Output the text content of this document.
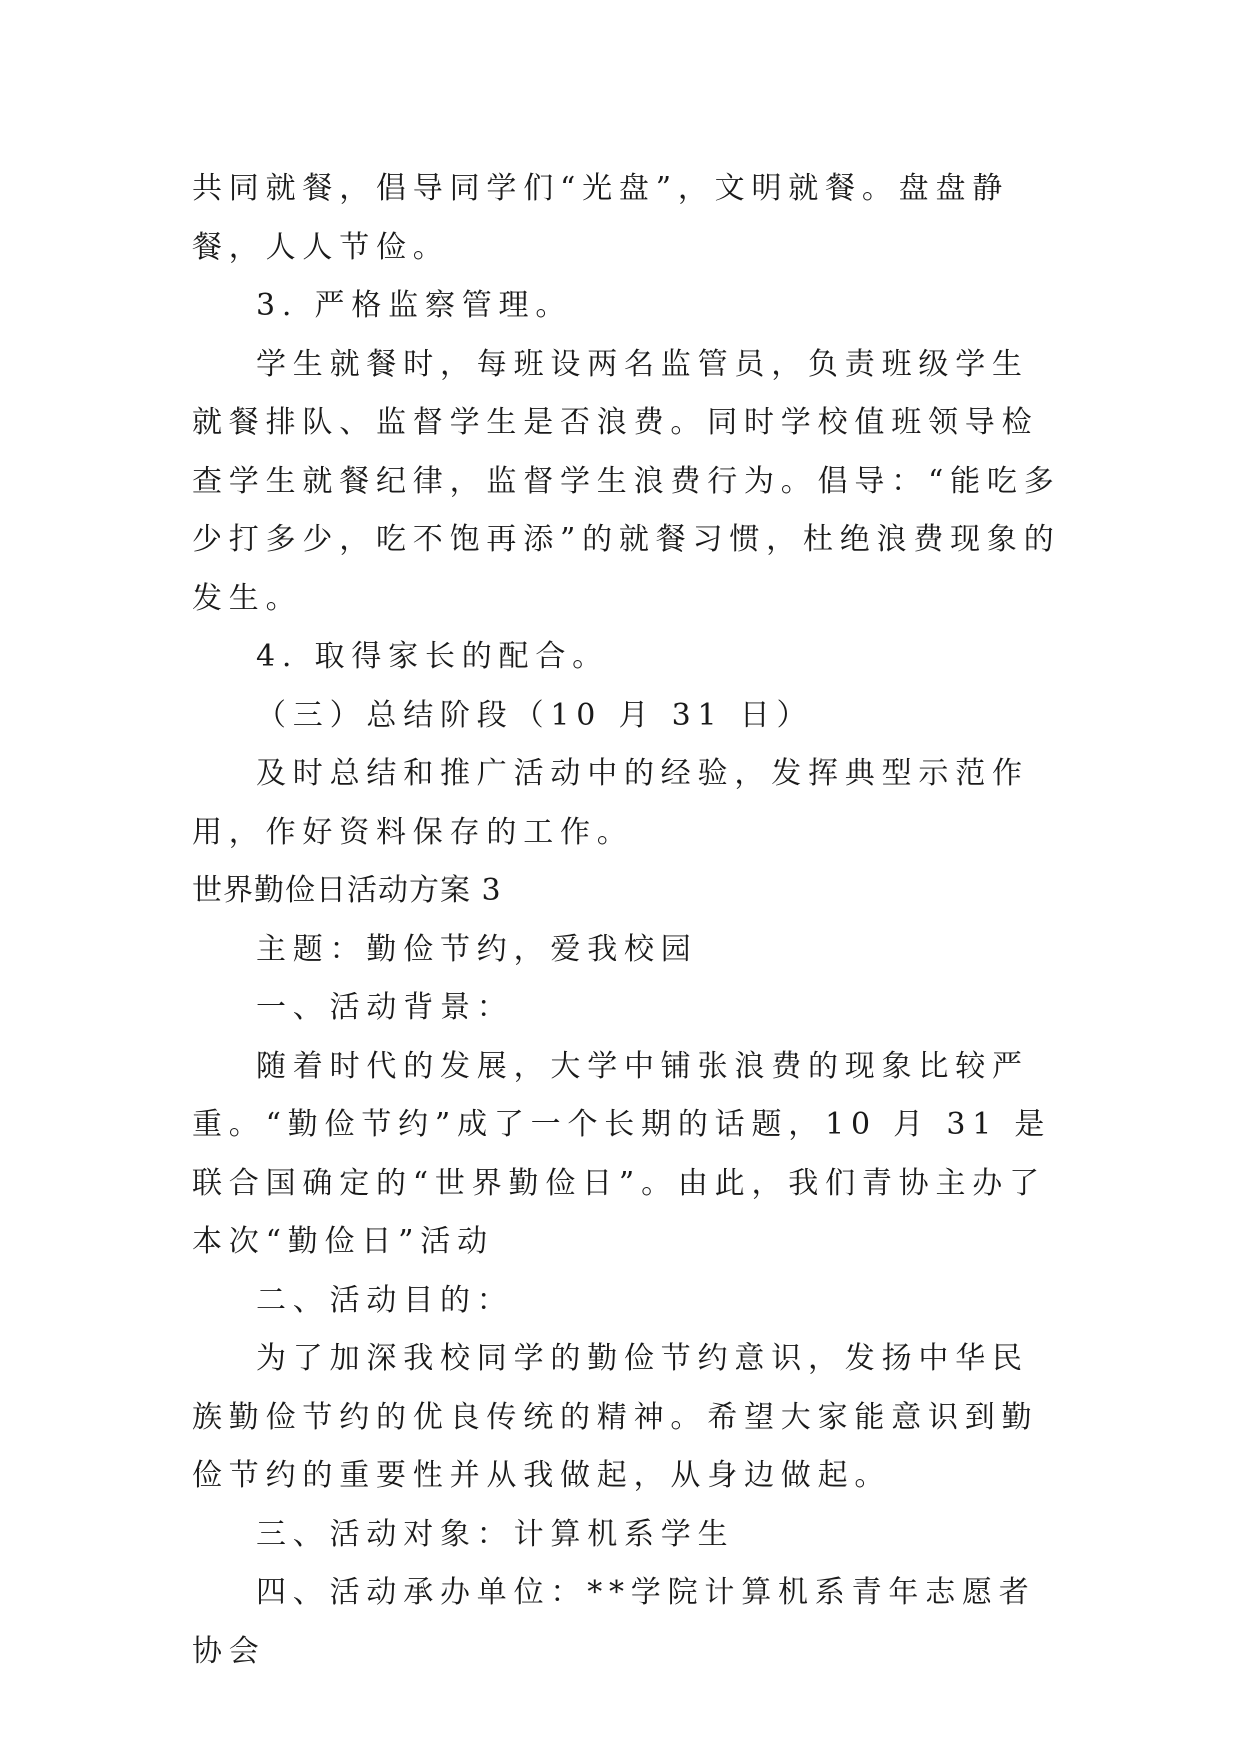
共同就餐，倡导同学们“光盘”，文明就餐。盘盘静餐，人人节俭。

3. 严格监察管理。

学生就餐时，每班设两名监管员，负责班级学生就餐排队、监督学生是否浪费。同时学校值班领导检查学生就餐纪律，监督学生浪费行为。倡导：“能吃多少打多少，吃不饱再添”的就餐习惯，杜绝浪费现象的发生。

4. 取得家长的配合。

（三）总结阶段（10 月 31 日）

及时总结和推广活动中的经验，发挥典型示范作用，作好资料保存的工作。

世界勤俭日活动方案 3

主题：勤俭节约，爱我校园

一、活动背景：

随着时代的发展，大学中铺张浪费的现象比较严重。“勤俭节约”成了一个长期的话题，10 月 31 是联合国确定的“世界勤俭日”。由此，我们青协主办了本次“勤俭日”活动

二、活动目的：

为了加深我校同学的勤俭节约意识，发扬中华民族勤俭节约的优良传统的精神。希望大家能意识到勤俭节约的重要性并从我做起，从身边做起。

三、活动对象：计算机系学生

四、活动承办单位：**学院计算机系青年志愿者协会
